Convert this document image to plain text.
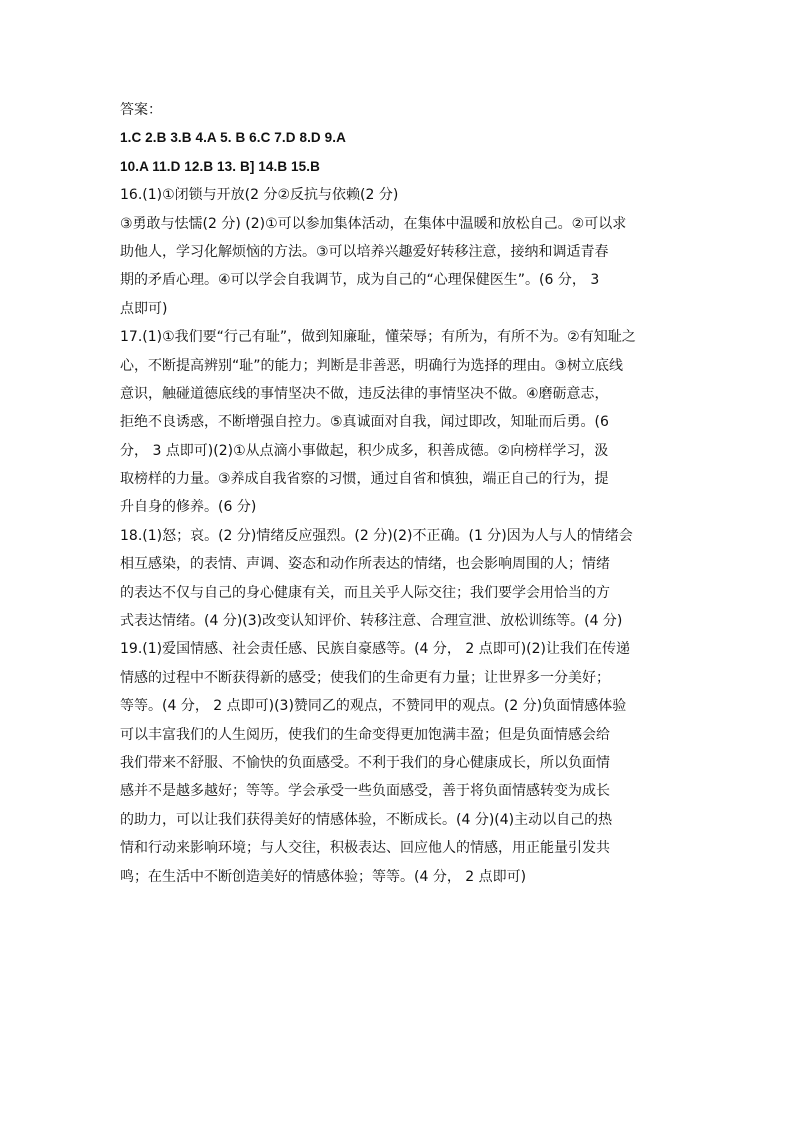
答案：
1.C 2.B 3.B 4.A 5. B 6.C 7.D 8.D 9.A
10.A 11.D 12.B 13. B] 14.B 15.B
16.(1)①闭锁与开放(2 分②反抗与依赖(2 分)
③勇敢与怯懦(2 分) (2)①可以参加集体活动，在集体中温暖和放松自己。②可以求
助他人，学习化解烦恼的方法。③可以培养兴趣爱好转移注意，接纳和调适青春
期的矛盾心理。④可以学会自我调节，成为自己的“心理保健医生”。(6 分， 3
点即可)
17.(1)①我们要“行己有耻”，做到知廉耻，懂荣辱；有所为，有所不为。②有知耻之
心，不断提高辨别“耻”的能力；判断是非善恶，明确行为选择的理由。③树立底线
意识，触碰道德底线的事情坚决不做，违反法律的事情坚决不做。④磨砺意志，
拒绝不良诱惑，不断增强自控力。⑤真诚面对自我，闻过即改，知耻而后勇。(6
分， 3 点即可)(2)①从点滴小事做起，积少成多，积善成德。②向榜样学习，汲
取榜样的力量。③养成自我省察的习惯，通过自省和慎独，端正自己的行为，提
升自身的修养。(6 分)
18.(1)怒；哀。(2 分)情绪反应强烈。(2 分)(2)不正确。(1 分)因为人与人的情绪会
相互感染，的表情、声调、姿态和动作所表达的情绪，也会影响周围的人；情绪
的表达不仅与自己的身心健康有关，而且关乎人际交往；我们要学会用恰当的方
式表达情绪。(4 分)(3)改变认知评价、转移注意、合理宣泄、放松训练等。(4 分)
19.(1)爱国情感、社会责任感、民族自豪感等。(4 分， 2 点即可)(2)让我们在传递
情感的过程中不断获得新的感受；使我们的生命更有力量；让世界多一分美好；
等等。(4 分， 2 点即可)(3)赞同乙的观点，不赞同甲的观点。(2 分)负面情感体验
可以丰富我们的人生阅历，使我们的生命变得更加饱满丰盈；但是负面情感会给
我们带来不舒服、不愉快的负面感受。不利于我们的身心健康成长，所以负面情
感并不是越多越好；等等。学会承受一些负面感受，善于将负面情感转变为成长
的助力，可以让我们获得美好的情感体验，不断成长。(4 分)(4)主动以自己的热
情和行动来影响环境；与人交往，积极表达、回应他人的情感，用正能量引发共
鸣；在生活中不断创造美好的情感体验；等等。(4 分， 2 点即可)
